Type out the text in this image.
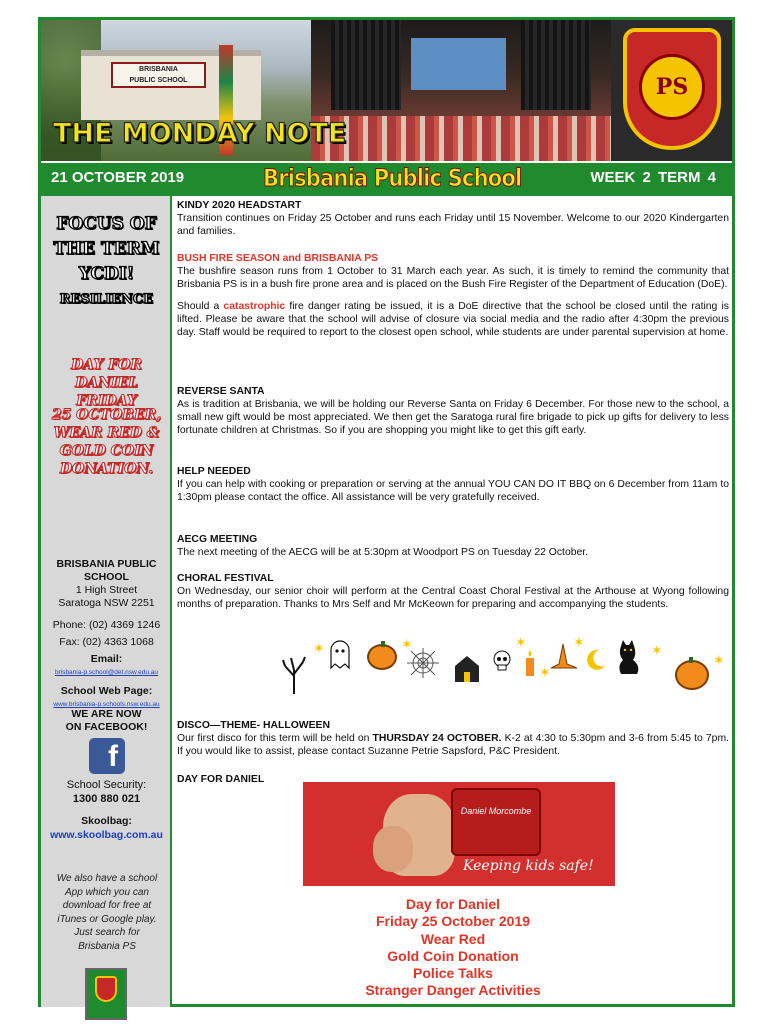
BRISBANIA
PUBLIC SCHOOL	PS
THE MONDAY NOTE
21 OCTOBER 2019	Brisbania Public School	WEEK 2 TERM 4
FOCUS OF
THE TERM
YCDI!
RESILIENCE
DAY FOR DANIEL
FRIDAY
25 OCTOBER,
WEAR RED &
GOLD COIN
DONATION.
BRISBANIA PUBLIC
SCHOOL
1 High Street
Saratoga NSW 2251
Phone: (02) 4369 1246
Fax: (02) 4363 1068
Email:
brisbania-p.school@det.nsw.edu.au
School Web Page:
www.brisbania-p.schools.nsw.edu.au
WE ARE NOW
ON FACEBOOK!
f
School Security:
1300 880 021
Skoolbag:
www.skoolbag.com.au
We also have a school App which you can download for free at iTunes or Google play. Just search for Brisbania PS
KINDY 2020 HEADSTART
Transition continues on Friday 25 October and runs each Friday until 15 November. Welcome to our 2020 Kindergarten and families.
BUSH FIRE SEASON and BRISBANIA PS
The bushfire season runs from 1 October to 31 March each year. As such, it is timely to remind the community that Brisbania PS is in a bush fire prone area and is placed on the Bush Fire Register of the Department of Education (DoE).
Should a catastrophic fire danger rating be issued, it is a DoE directive that the school be closed until the rating is lifted. Please be aware that the school will advise of closure via social media and the radio after 4:30pm the previous day. Staff would be required to report to the closest open school, while students are under parental supervision at home.
REVERSE SANTA
As is tradition at Brisbania, we will be holding our Reverse Santa on Friday 6 December. For those new to the school, a small new gift would be most appreciated. We then get the Saratoga rural fire brigade to pick up gifts for delivery to less fortunate children at Christmas. So if you are shopping you might like to get this gift early.
HELP NEEDED
If you can help with cooking or preparation or serving at the annual YOU CAN DO IT BBQ on 6 December from 11am to 1:30pm please contact the office. All assistance will be very gratefully received.
AECG MEETING
The next meeting of the AECG will be at 5:30pm at Woodport PS on Tuesday 22 October.
CHORAL FESTIVAL
On Wednesday, our senior choir will perform at the Central Coast Choral Festival at the Arthouse at Wyong following months of preparation. Thanks to Mrs Self and Mr McKeown for preparing and accompanying the students.
✶	✶	✶
✶
✶	✶
✶
DISCO—THEME- HALLOWEEN
Our first disco for this term will be held on THURSDAY 24 OCTOBER. K-2 at 4:30 to 5:30pm and 3-6 from 5:45 to 7pm. If you would like to assist, please contact Suzanne Petrie Sapsford, P&C President.
DAY FOR DANIEL
Daniel Morcombe
Keeping kids safe!
Day for Daniel
Friday 25 October 2019
Wear Red
Gold Coin Donation
Police Talks
Stranger Danger Activities
